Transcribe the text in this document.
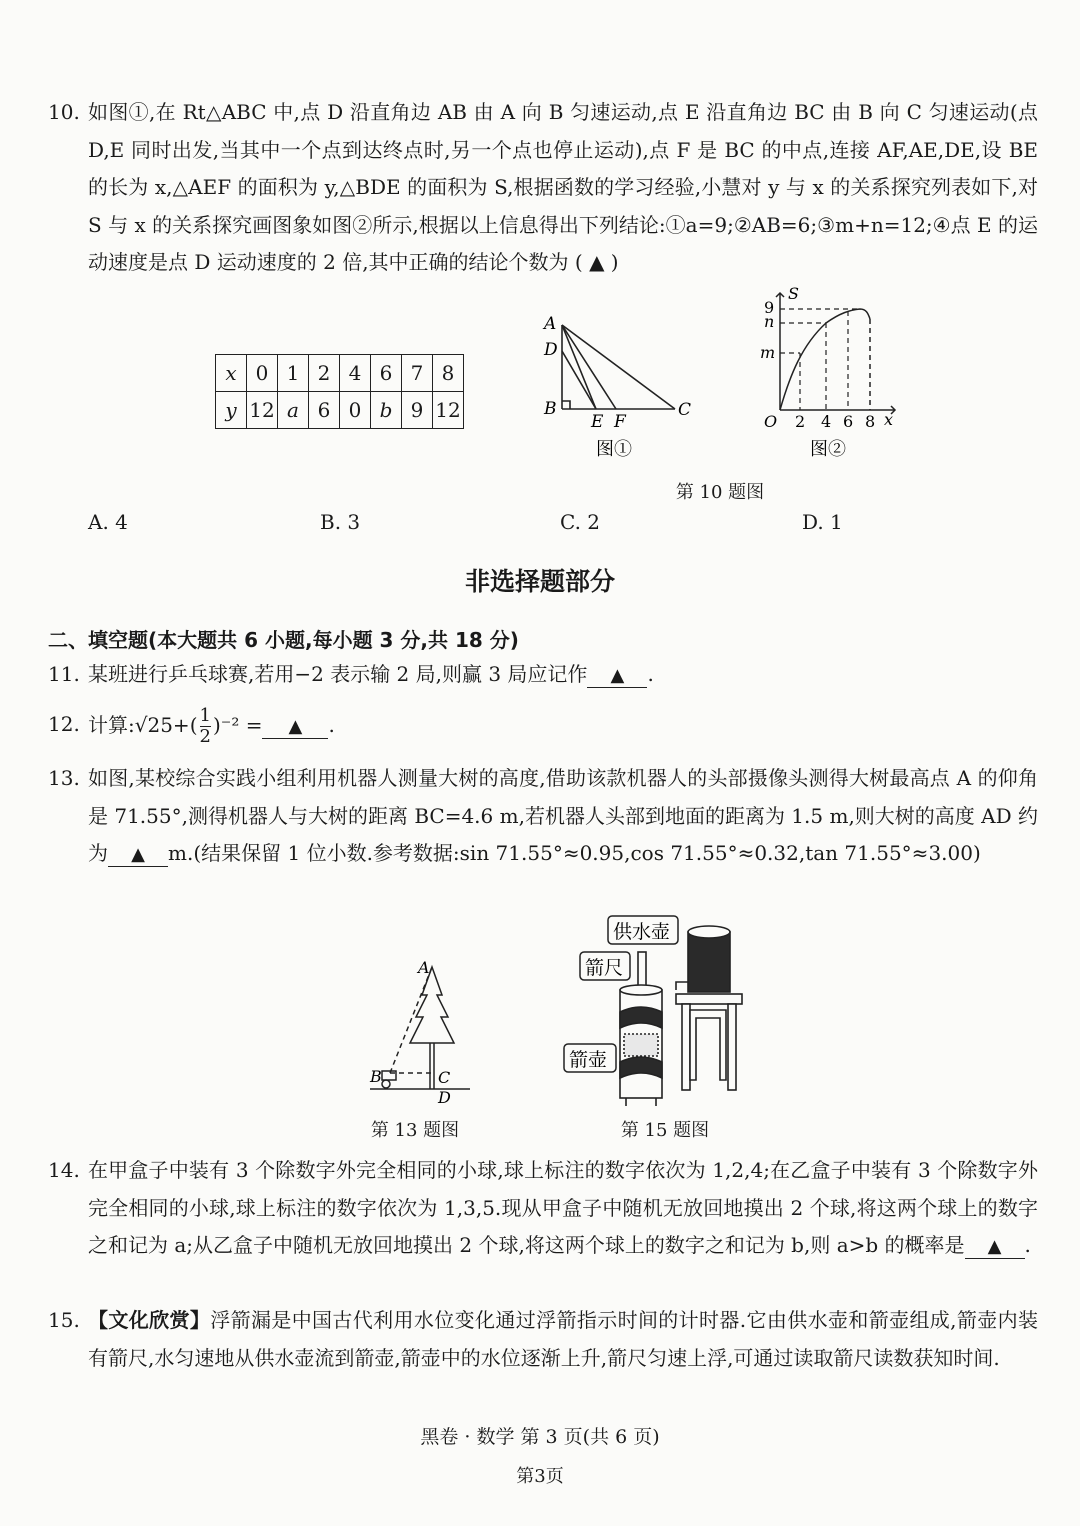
10. 如图①,在 Rt△ABC 中,点 D 沿直角边 AB 由 A 向 B 匀速运动,点 E 沿直角边 BC 由 B 向 C 匀速运动(点 D,E 同时出发,当其中一个点到达终点时,另一个点也停止运动),点 F 是 BC 的中点,连接 AF,AE,DE,设 BE 的长为 x,△AEF 的面积为 y,△BDE 的面积为 S,根据函数的学习经验,小慧对 y 与 x 的关系探究列表如下,对 S 与 x 的关系探究画图象如图②所示,根据以上信息得出下列结论:①a=9;②AB=6;③m+n=12;④点 E 的运动速度是点 D 运动速度的 2 倍,其中正确的结论个数为 ( ▲ )
x	0	1	2	4	6	7	8
y	12	a	6	0	b	9	12
A
D
B
E F
C
图①
S
9
n
m
O 2 4 6 8 x
图②
第 10 题图
A. 4	B. 3	C. 2	D. 1
非选择题部分
二、填空题(本大题共 6 小题,每小题 3 分,共 18 分)
11. 某班进行乒乓球赛,若用−2 表示输 2 局,则赢 3 局应记作 ▲ .
12. 计算:√25+( $\frac{1}{2} )^{-2}$ = ▲ .
13. 如图,某校综合实践小组利用机器人测量大树的高度,借助该款机器人的头部摄像头测得大树最高点 A 的仰角是 71.55°,测得机器人与大树的距离 BC=4.6 m,若机器人头部到地面的距离为 1.5 m,则大树的高度 AD 约为 ▲ m.(结果保留 1 位小数.参考数据:sin 71.55°≈0.95,cos 71.55°≈0.32,tan 71.55°≈3.00)
A
B	C
D
第 13 题图
供水壶
箭尺
箭壶
第 15 题图
14. 在甲盒子中装有 3 个除数字外完全相同的小球,球上标注的数字依次为 1,2,4;在乙盒子中装有 3 个除数字外完全相同的小球,球上标注的数字依次为 1,3,5.现从甲盒子中随机无放回地摸出 2 个球,将这两个球上的数字之和记为 a;从乙盒子中随机无放回地摸出 2 个球,将这两个球上的数字之和记为 b,则 a>b 的概率是 ▲ .
15. 【文化欣赏】浮箭漏是中国古代利用水位变化通过浮箭指示时间的计时器.它由供水壶和箭壶组成,箭壶内装有箭尺,水匀速地从供水壶流到箭壶,箭壶中的水位逐渐上升,箭尺匀速上浮,可通过读取箭尺读数获知时间.
黑卷 · 数学 第 3 页(共 6 页)
第3页
